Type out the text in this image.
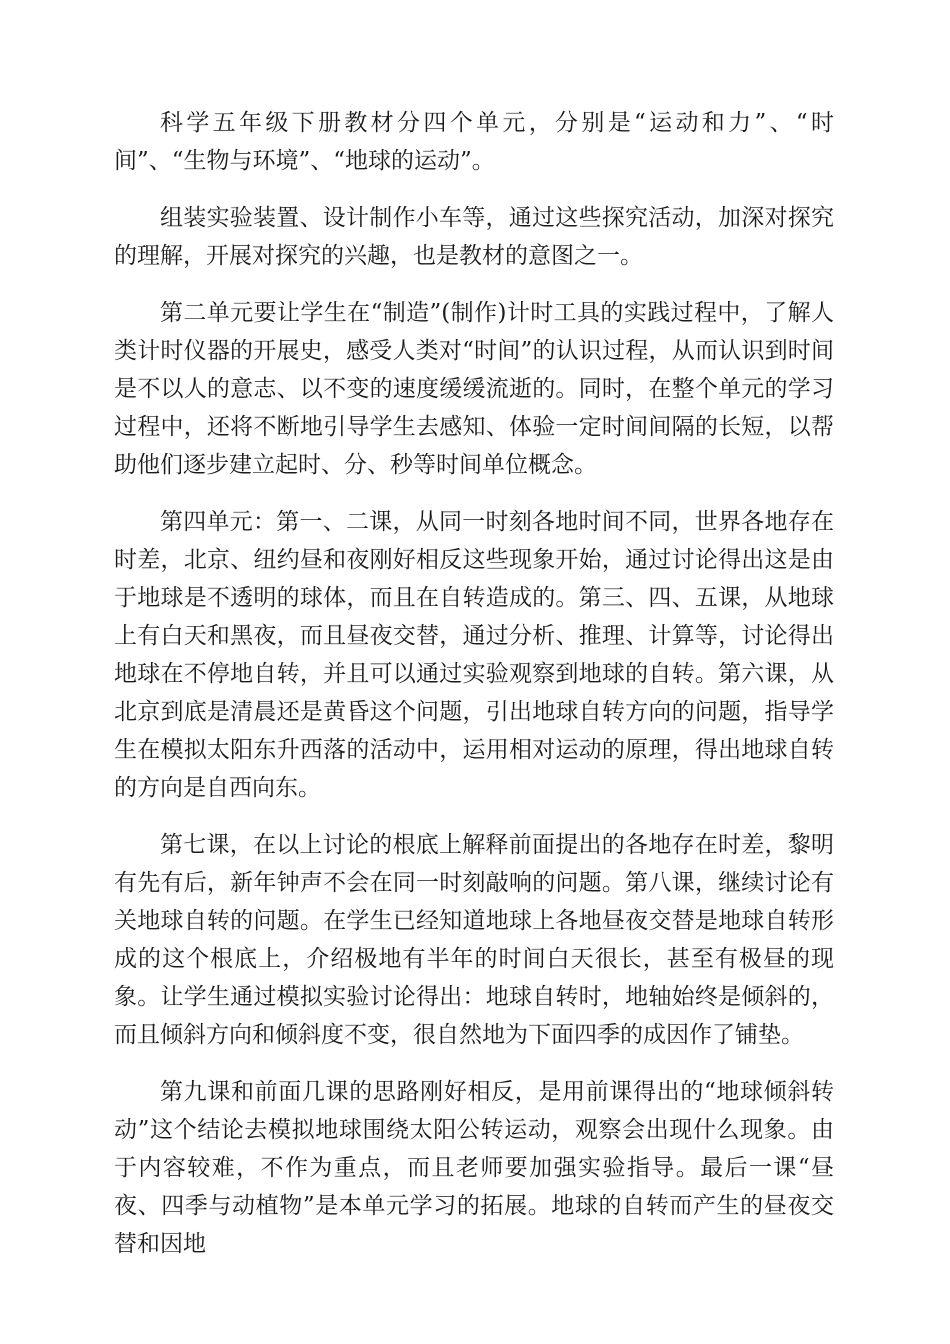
科学五年级下册教材分四个单元，分别是“运动和力”、“时间”、“生物与环境”、“地球的运动”。

组装实验装置、设计制作小车等，通过这些探究活动，加深对探究的理解，开展对探究的兴趣，也是教材的意图之一。

第二单元要让学生在“制造”(制作)计时工具的实践过程中，了解人类计时仪器的开展史，感受人类对“时间”的认识过程，从而认识到时间是不以人的意志、以不变的速度缓缓流逝的。同时，在整个单元的学习过程中，还将不断地引导学生去感知、体验一定时间间隔的长短，以帮助他们逐步建立起时、分、秒等时间单位概念。

第四单元：第一、二课，从同一时刻各地时间不同，世界各地存在时差，北京、纽约昼和夜刚好相反这些现象开始，通过讨论得出这是由于地球是不透明的球体，而且在自转造成的。第三、四、五课，从地球上有白天和黑夜，而且昼夜交替，通过分析、推理、计算等，讨论得出地球在不停地自转，并且可以通过实验观察到地球的自转。第六课，从北京到底是清晨还是黄昏这个问题，引出地球自转方向的问题，指导学生在模拟太阳东升西落的活动中，运用相对运动的原理，得出地球自转的方向是自西向东。

第七课，在以上讨论的根底上解释前面提出的各地存在时差，黎明有先有后，新年钟声不会在同一时刻敲响的问题。第八课，继续讨论有关地球自转的问题。在学生已经知道地球上各地昼夜交替是地球自转形成的这个根底上，介绍极地有半年的时间白天很长，甚至有极昼的现象。让学生通过模拟实验讨论得出：地球自转时，地轴始终是倾斜的，而且倾斜方向和倾斜度不变，很自然地为下面四季的成因作了铺垫。

第九课和前面几课的思路刚好相反，是用前课得出的“地球倾斜转动”这个结论去模拟地球围绕太阳公转运动，观察会出现什么现象。由于内容较难，不作为重点，而且老师要加强实验指导。最后一课“昼夜、四季与动植物”是本单元学习的拓展。地球的自转而产生的昼夜交替和因地
